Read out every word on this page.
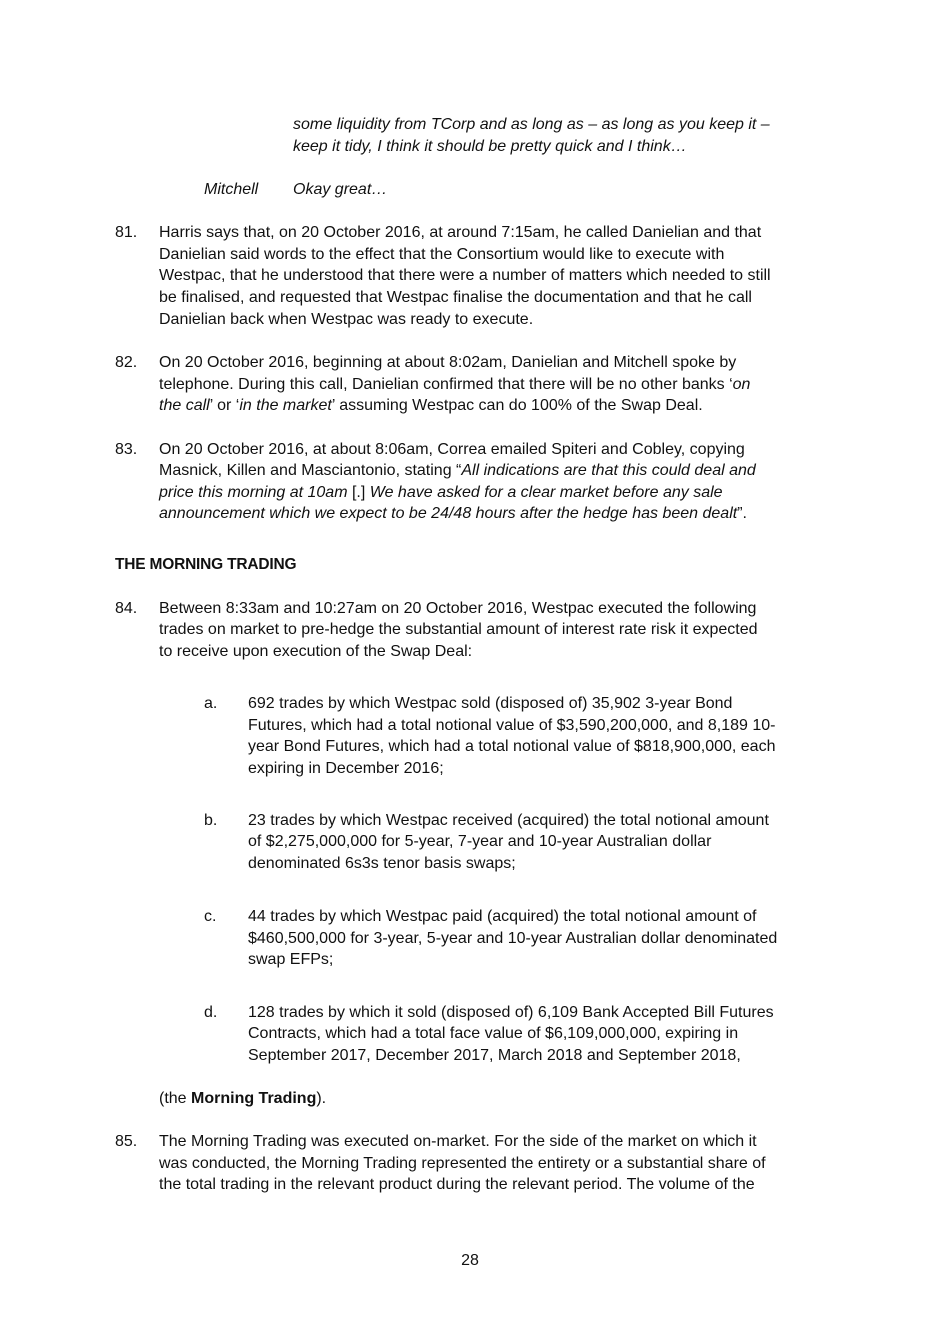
some liquidity from TCorp and as long as – as long as you keep it –
keep it tidy, I think it should be pretty quick and I think…
Mitchell Okay great…
81. Harris says that, on 20 October 2016, at around 7:15am, he called Danielian and that
Danielian said words to the effect that the Consortium would like to execute with
Westpac, that he understood that there were a number of matters which needed to still
be finalised, and requested that Westpac finalise the documentation and that he call
Danielian back when Westpac was ready to execute.
82. On 20 October 2016, beginning at about 8:02am, Danielian and Mitchell spoke by
telephone. During this call, Danielian confirmed that there will be no other banks ‘on
the call’ or ‘in the market’ assuming Westpac can do 100% of the Swap Deal.
83. On 20 October 2016, at about 8:06am, Correa emailed Spiteri and Cobley, copying
Masnick, Killen and Masciantonio, stating “All indications are that this could deal and
price this morning at 10am [.] We have asked for a clear market before any sale
announcement which we expect to be 24/48 hours after the hedge has been dealt”.
THE MORNING TRADING
84. Between 8:33am and 10:27am on 20 October 2016, Westpac executed the following
trades on market to pre-hedge the substantial amount of interest rate risk it expected
to receive upon execution of the Swap Deal:
a. 692 trades by which Westpac sold (disposed of) 35,902 3-year Bond
Futures, which had a total notional value of $3,590,200,000, and 8,189 10-
year Bond Futures, which had a total notional value of $818,900,000, each
expiring in December 2016;
b. 23 trades by which Westpac received (acquired) the total notional amount
of $2,275,000,000 for 5-year, 7-year and 10-year Australian dollar
denominated 6s3s tenor basis swaps;
c. 44 trades by which Westpac paid (acquired) the total notional amount of
$460,500,000 for 3-year, 5-year and 10-year Australian dollar denominated
swap EFPs;
d. 128 trades by which it sold (disposed of) 6,109 Bank Accepted Bill Futures
Contracts, which had a total face value of $6,109,000,000, expiring in
September 2017, December 2017, March 2018 and September 2018,
(the Morning Trading).
85. The Morning Trading was executed on-market. For the side of the market on which it
was conducted, the Morning Trading represented the entirety or a substantial share of
the total trading in the relevant product during the relevant period. The volume of the
28
